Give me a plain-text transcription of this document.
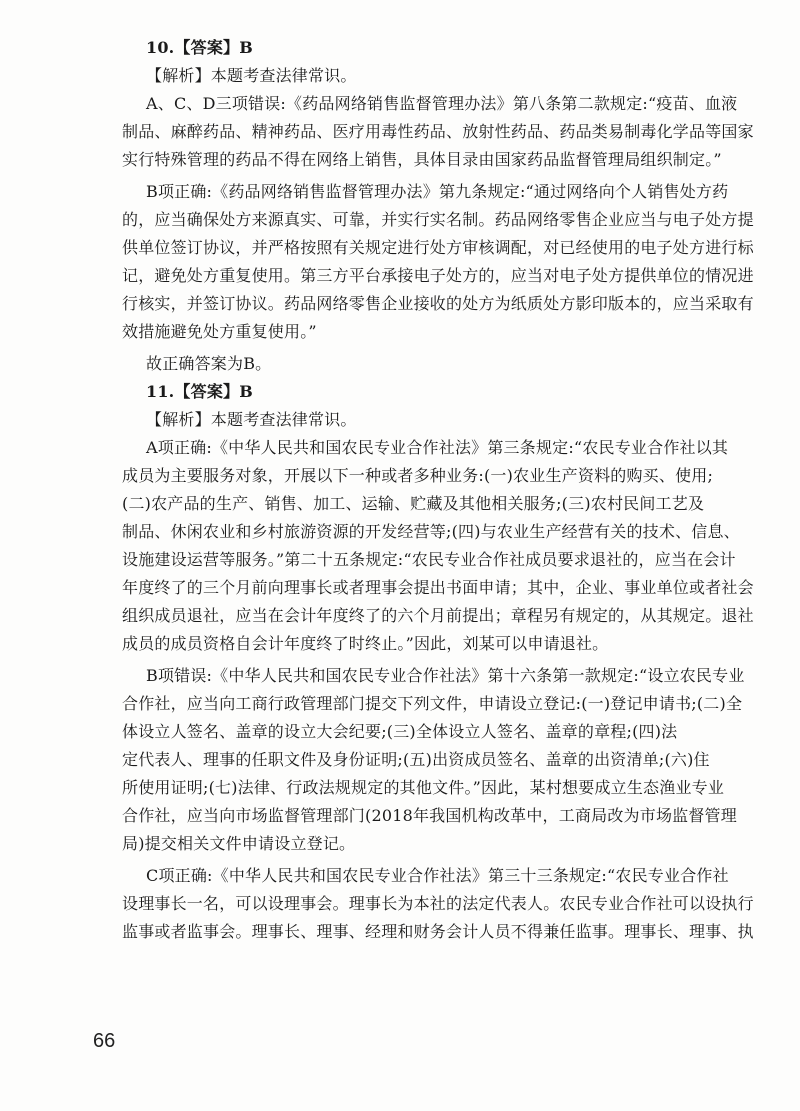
10.【答案】B
【解析】本题考查法律常识。
A、C、D三项错误:《药品网络销售监督管理办法》第八条第二款规定:“疫苗、血液
制品、麻醉药品、精神药品、医疗用毒性药品、放射性药品、药品类易制毒化学品等国家
实行特殊管理的药品不得在网络上销售，具体目录由国家药品监督管理局组织制定。”
B项正确:《药品网络销售监督管理办法》第九条规定:“通过网络向个人销售处方药
的，应当确保处方来源真实、可靠，并实行实名制。药品网络零售企业应当与电子处方提
供单位签订协议，并严格按照有关规定进行处方审核调配，对已经使用的电子处方进行标
记，避免处方重复使用。第三方平台承接电子处方的，应当对电子处方提供单位的情况进
行核实，并签订协议。药品网络零售企业接收的处方为纸质处方影印版本的，应当采取有
效措施避免处方重复使用。”
故正确答案为B。
11.【答案】B
【解析】本题考查法律常识。
A项正确:《中华人民共和国农民专业合作社法》第三条规定:“农民专业合作社以其
成员为主要服务对象，开展以下一种或者多种业务:(一)农业生产资料的购买、使用;
(二)农产品的生产、销售、加工、运输、贮藏及其他相关服务;(三)农村民间工艺及
制品、休闲农业和乡村旅游资源的开发经营等;(四)与农业生产经营有关的技术、信息、
设施建设运营等服务。”第二十五条规定:“农民专业合作社成员要求退社的，应当在会计
年度终了的三个月前向理事长或者理事会提出书面申请；其中，企业、事业单位或者社会
组织成员退社，应当在会计年度终了的六个月前提出；章程另有规定的，从其规定。退社
成员的成员资格自会计年度终了时终止。”因此，刘某可以申请退社。
B项错误:《中华人民共和国农民专业合作社法》第十六条第一款规定:“设立农民专业
合作社，应当向工商行政管理部门提交下列文件，申请设立登记:(一)登记申请书;(二)全
体设立人签名、盖章的设立大会纪要;(三)全体设立人签名、盖章的章程;(四)法
定代表人、理事的任职文件及身份证明;(五)出资成员签名、盖章的出资清单;(六)住
所使用证明;(七)法律、行政法规规定的其他文件。”因此，某村想要成立生态渔业专业
合作社，应当向市场监督管理部门(2018年我国机构改革中，工商局改为市场监督管理
局)提交相关文件申请设立登记。
C项正确:《中华人民共和国农民专业合作社法》第三十三条规定:“农民专业合作社
设理事长一名，可以设理事会。理事长为本社的法定代表人。农民专业合作社可以设执行
监事或者监事会。理事长、理事、经理和财务会计人员不得兼任监事。理事长、理事、执
66
